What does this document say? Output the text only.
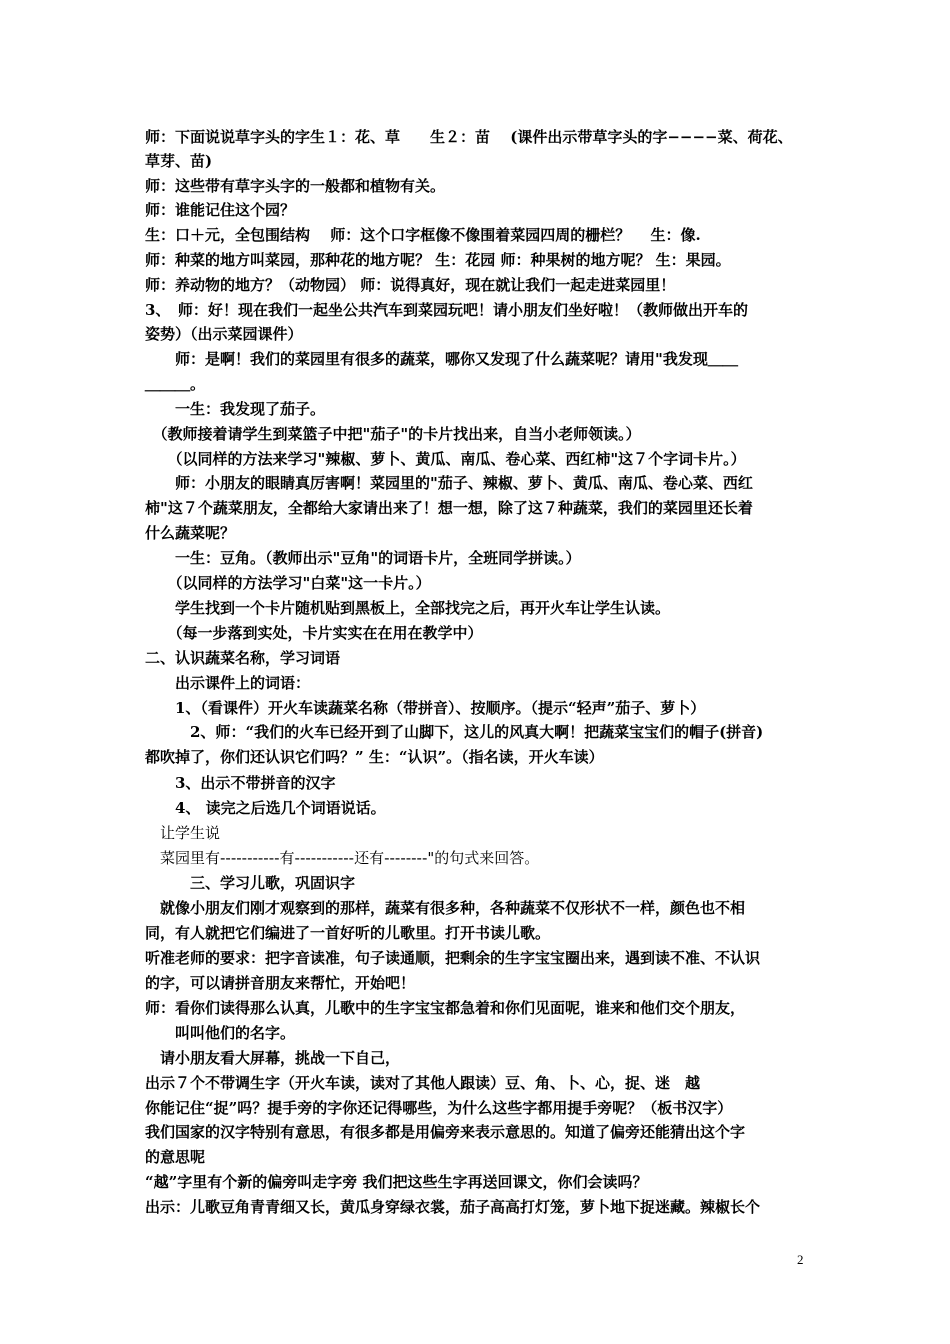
师：下面说说草字头的字生１：花、草　　生２：苗　 (课件出示带草字头的字−−−−菜、荷花、
草芽、苗)
师：这些带有草字头字的一般都和植物有关。
师：谁能记住这个园？
生：口＋元，全包围结构　 师：这个口字框像不像围着菜园四周的栅栏？　 生：像.
师：种菜的地方叫菜园，那种花的地方呢？ 生：花园 师：种果树的地方呢？ 生：果园。
师：养动物的地方？（动物园） 师：说得真好，现在就让我们一起走进菜园里！
3、　师：好！现在我们一起坐公共汽车到菜园玩吧！请小朋友们坐好啦！（教师做出开车的
姿势）（出示菜园课件）
　　师：是啊！我们的菜园里有很多的蔬菜，哪你又发现了什么蔬菜呢？请用"我发现＿＿
＿＿＿。
　　一生：我发现了茄子。
　（教师接着请学生到菜篮子中把"茄子"的卡片找出来，自当小老师领读。）
　　（以同样的方法来学习"辣椒、萝卜、黄瓜、南瓜、卷心菜、西红柿"这７个字词卡片。）
　　师：小朋友的眼睛真厉害啊！菜园里的"茄子、辣椒、萝卜、黄瓜、南瓜、卷心菜、西红
柿"这７个蔬菜朋友，全都给大家请出来了！想一想，除了这７种蔬菜，我们的菜园里还长着
什么蔬菜呢？
　　一生：豆角。（教师出示"豆角"的词语卡片，全班同学拼读。）
　　（以同样的方法学习"白菜"这一卡片。）
　　学生找到一个卡片随机贴到黑板上，全部找完之后，再开火车让学生认读。
　　（每一步落到实处，卡片实实在在用在教学中）
二、认识蔬菜名称，学习词语
　　出示课件上的词语：
　　1、（看课件）开火车读蔬菜名称（带拼音）、按顺序。（提示“轻声”茄子、萝卜）
　　　2、师：“我们的火车已经开到了山脚下，这儿的风真大啊！把蔬菜宝宝们的帽子(拼音)
都吹掉了，你们还认识它们吗？” 生：“认识”。（指名读，开火车读）
　　3、出示不带拼音的汉字
　　4、 读完之后选几个词语说话。
　让学生说
　菜园里有-----------有-----------还有--------"的句式来回答。
　　　三、学习儿歌，巩固识字
　就像小朋友们刚才观察到的那样，蔬菜有很多种，各种蔬菜不仅形状不一样，颜色也不相
同，有人就把它们编进了一首好听的儿歌里。打开书读儿歌。
听准老师的要求：把字音读准，句子读通顺，把剩余的生字宝宝圈出来，遇到读不准、不认识
的字，可以请拼音朋友来帮忙，开始吧！
师：看你们读得那么认真，儿歌中的生字宝宝都急着和你们见面呢，谁来和他们交个朋友，
　　叫叫他们的名字。
　请小朋友看大屏幕，挑战一下自己，
出示７个不带调生字（开火车读，读对了其他人跟读）豆、角、卜、心，捉、迷　越
你能记住“捉”吗？提手旁的字你还记得哪些，为什么这些字都用提手旁呢？（板书汉字）
我们国家的汉字特别有意思，有很多都是用偏旁来表示意思的。知道了偏旁还能猜出这个字
的意思呢
“越”字里有个新的偏旁叫走字旁 我们把这些生字再送回课文，你们会读吗？
出示：儿歌豆角青青细又长，黄瓜身穿绿衣裳，茄子高高打灯笼，萝卜地下捉迷藏。辣椒长个
2
